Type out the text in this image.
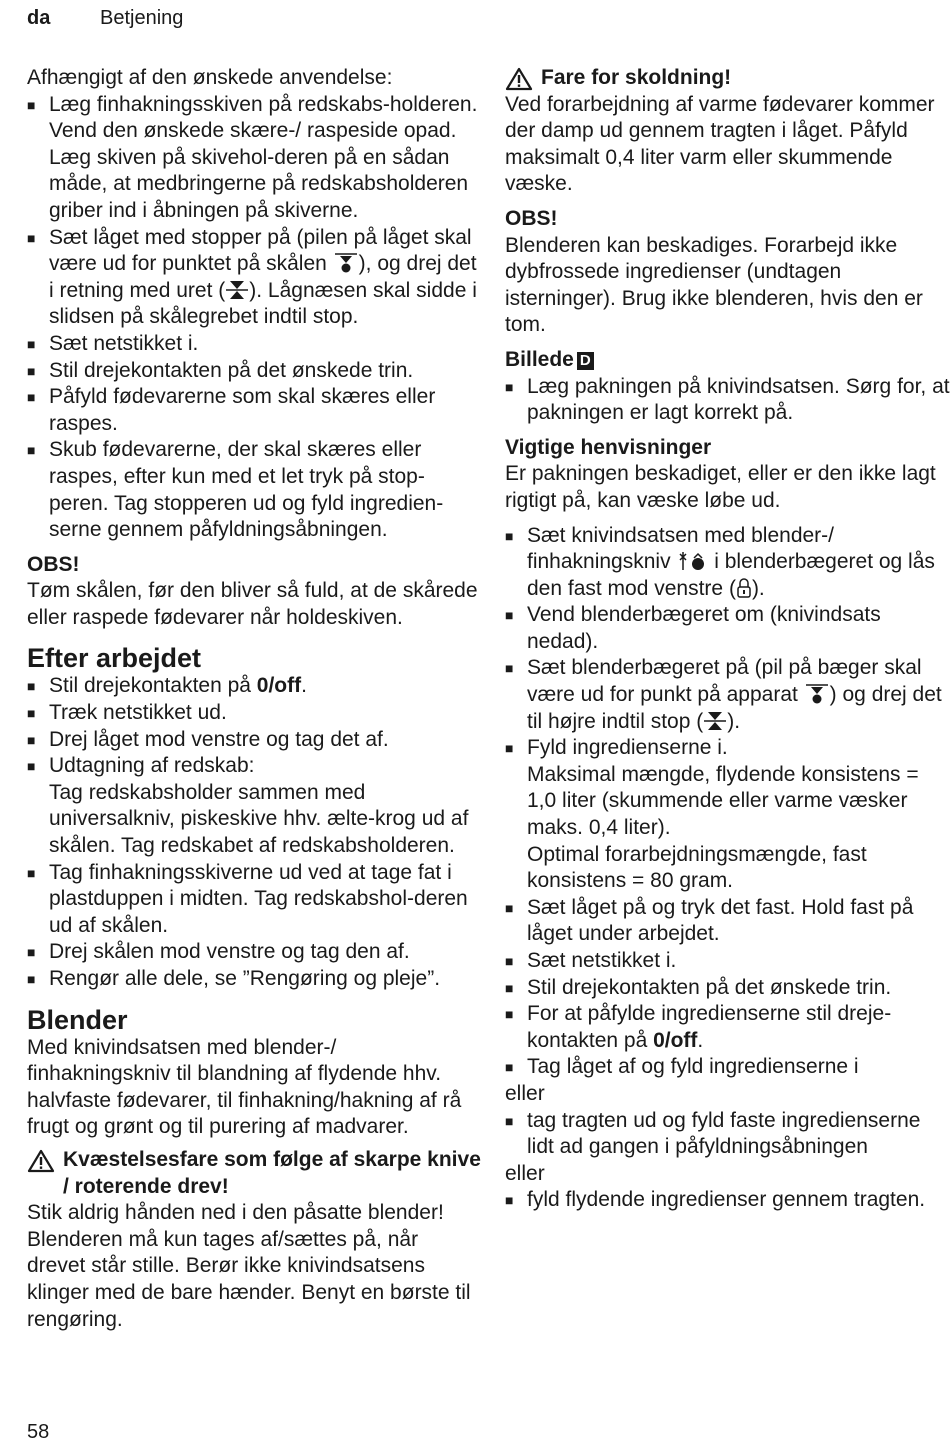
da Betjening

Afhængigt af den ønskede anvendelse:

■ Læg finhakningsskiven på redskabs-holderen. Vend den ønskede skære-/ raspeside opad. Læg skiven på skivehol-deren på en sådan måde, at medbringerne på redskabsholderen griber ind i åbningen på skiverne.
■ Sæt låget med stopper på (pilen på låget skal være ud for punktet på skålen ), og drej det i retning med uret ( ). Lågnæsen skal sidde i slidsen på skålegrebet indtil stop.
■ Sæt netstikket i.
■ Stil drejekontakten på det ønskede trin.
■ Påfyld fødevarerne som skal skæres eller raspes.
■ Skub fødevarerne, der skal skæres eller raspes, efter kun med et let tryk på stop-peren. Tag stopperen ud og fyld ingredien-serne gennem påfyldningsåbningen.

OBS!

Tøm skålen, før den bliver så fuld, at de skårede eller raspede fødevarer når holdeskiven.

Efter arbejdet

■ Stil drejekontakten på 0/off.
■ Træk netstikket ud.
■ Drej låget mod venstre og tag det af.
■ Udtagning af redskab:
Tag redskabsholder sammen med universalkniv, piskeskive hhv. ælte-krog ud af skålen. Tag redskabet af redskabsholderen.
■ Tag finhakningsskiverne ud ved at tage fat i plastduppen i midten. Tag redskabshol-deren ud af skålen.
■ Drej skålen mod venstre og tag den af.
■ Rengør alle dele, se ”Rengøring og pleje”.

Blender

Med knivindsatsen med blender-/ finhakningskniv til blandning af flydende hhv. halvfaste fødevarer, til finhakning/hakning af rå frugt og grønt og til purering af madvarer.

Kvæstelsesfare som følge af skarpe knive / roterende drev!

Stik aldrig hånden ned i den påsatte blender! Blenderen må kun tages af/sættes på, når drevet står stille. Berør ikke knivindsatsens klinger med de bare hænder. Benyt en børste til rengøring.

Fare for skoldning!

Ved forarbejdning af varme fødevarer kommer der damp ud gennem tragten i låget. Påfyld maksimalt 0,4 liter varm eller skummende væske.

OBS!

Blenderen kan beskadiges. Forarbejd ikke dybfrossede ingredienser (undtagen isterninger). Brug ikke blenderen, hvis den er tom.

Billede D

■ Læg pakningen på knivindsatsen. Sørg for, at pakningen er lagt korrekt på.

Vigtige henvisninger

Er pakningen beskadiget, eller er den ikke lagt rigtigt på, kan væske løbe ud.

■ Sæt knivindsatsen med blender-/ finhakningskniv  i blenderbægeret og lås den fast mod venstre ( ).
■ Vend blenderbægeret om (knivindsats nedad).
■ Sæt blenderbægeret på (pil på bæger skal være ud for punkt på apparat ) og drej det til højre indtil stop ( ).
■ Fyld ingredienserne i.
Maksimal mængde, flydende konsistens = 1,0 liter (skummende eller varme væsker maks. 0,4 liter).
Optimal forarbejdningsmængde, fast konsistens = 80 gram.
■ Sæt låget på og tryk det fast. Hold fast på låget under arbejdet.
■ Sæt netstikket i.
■ Stil drejekontakten på det ønskede trin.
■ For at påfylde ingredienserne stil dreje-kontakten på 0/off.
■ Tag låget af og fyld ingredienserne i

eller

■ tag tragten ud og fyld faste ingredienserne lidt ad gangen i påfyldningsåbningen

eller

■ fyld flydende ingredienser gennem tragten.
58
